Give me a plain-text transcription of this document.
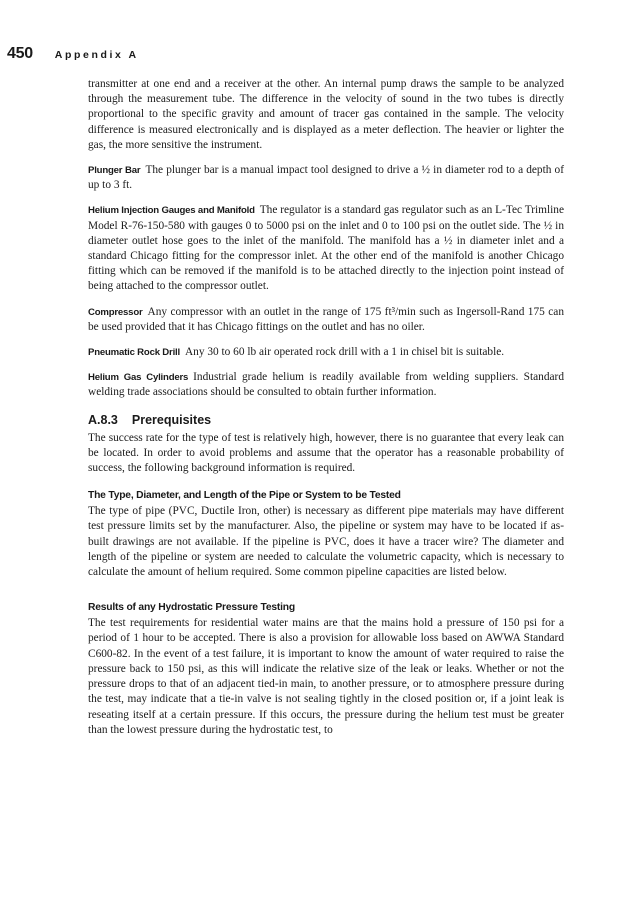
450 Appendix A

transmitter at one end and a receiver at the other. An internal pump draws the sample to be analyzed through the measurement tube. The difference in the velocity of sound in the two tubes is directly proportional to the specific gravity and amount of tracer gas contained in the sample. The velocity difference is measured electronically and is displayed as a meter deflection. The heavier or lighter the gas, the more sensitive the instrument.

Plunger Bar The plunger bar is a manual impact tool designed to drive a ½ in diameter rod to a depth of up to 3 ft.

Helium Injection Gauges and Manifold The regulator is a standard gas regulator such as an L-Tec Trimline Model R-76-150-580 with gauges 0 to 5000 psi on the inlet and 0 to 100 psi on the outlet side. The ½ in diameter outlet hose goes to the inlet of the manifold. The manifold has a ½ in diameter inlet and a standard Chicago fitting for the compressor inlet. At the other end of the manifold is another Chicago fitting which can be removed if the manifold is to be attached directly to the injection point instead of being attached to the compressor outlet.

Compressor Any compressor with an outlet in the range of 175 ft³/min such as Ingersoll-Rand 175 can be used provided that it has Chicago fittings on the outlet and has no oiler.

Pneumatic Rock Drill Any 30 to 60 lb air operated rock drill with a 1 in chisel bit is suitable.

Helium Gas Cylinders Industrial grade helium is readily available from welding suppliers. Standard welding trade associations should be consulted to obtain further information.

A.8.3 Prerequisites

The success rate for the type of test is relatively high, however, there is no guarantee that every leak can be located. In order to avoid problems and assume that the operator has a reasonable probability of success, the following background information is required.

The Type, Diameter, and Length of the Pipe or System to be Tested

The type of pipe (PVC, Ductile Iron, other) is necessary as different pipe materials may have different test pressure limits set by the manufacturer. Also, the pipeline or system may have to be located if as-built drawings are not available. If the pipeline is PVC, does it have a tracer wire? The diameter and length of the pipeline or system are needed to calculate the volumetric capacity, which is necessary to calculate the amount of helium required. Some common pipeline capacities are listed below.

Results of any Hydrostatic Pressure Testing

The test requirements for residential water mains are that the mains hold a pressure of 150 psi for a period of 1 hour to be accepted. There is also a provision for allowable loss based on AWWA Standard C600-82. In the event of a test failure, it is important to know the amount of water required to raise the pressure back to 150 psi, as this will indicate the relative size of the leak or leaks. Whether or not the pressure drops to that of an adjacent tied-in main, to another pressure, or to atmosphere pressure during the test, may indicate that a tie-in valve is not sealing tightly in the closed position or, if a joint leak is reseating itself at a certain pressure. If this occurs, the pressure during the helium test must be greater than the lowest pressure during the hydrostatic test, to
